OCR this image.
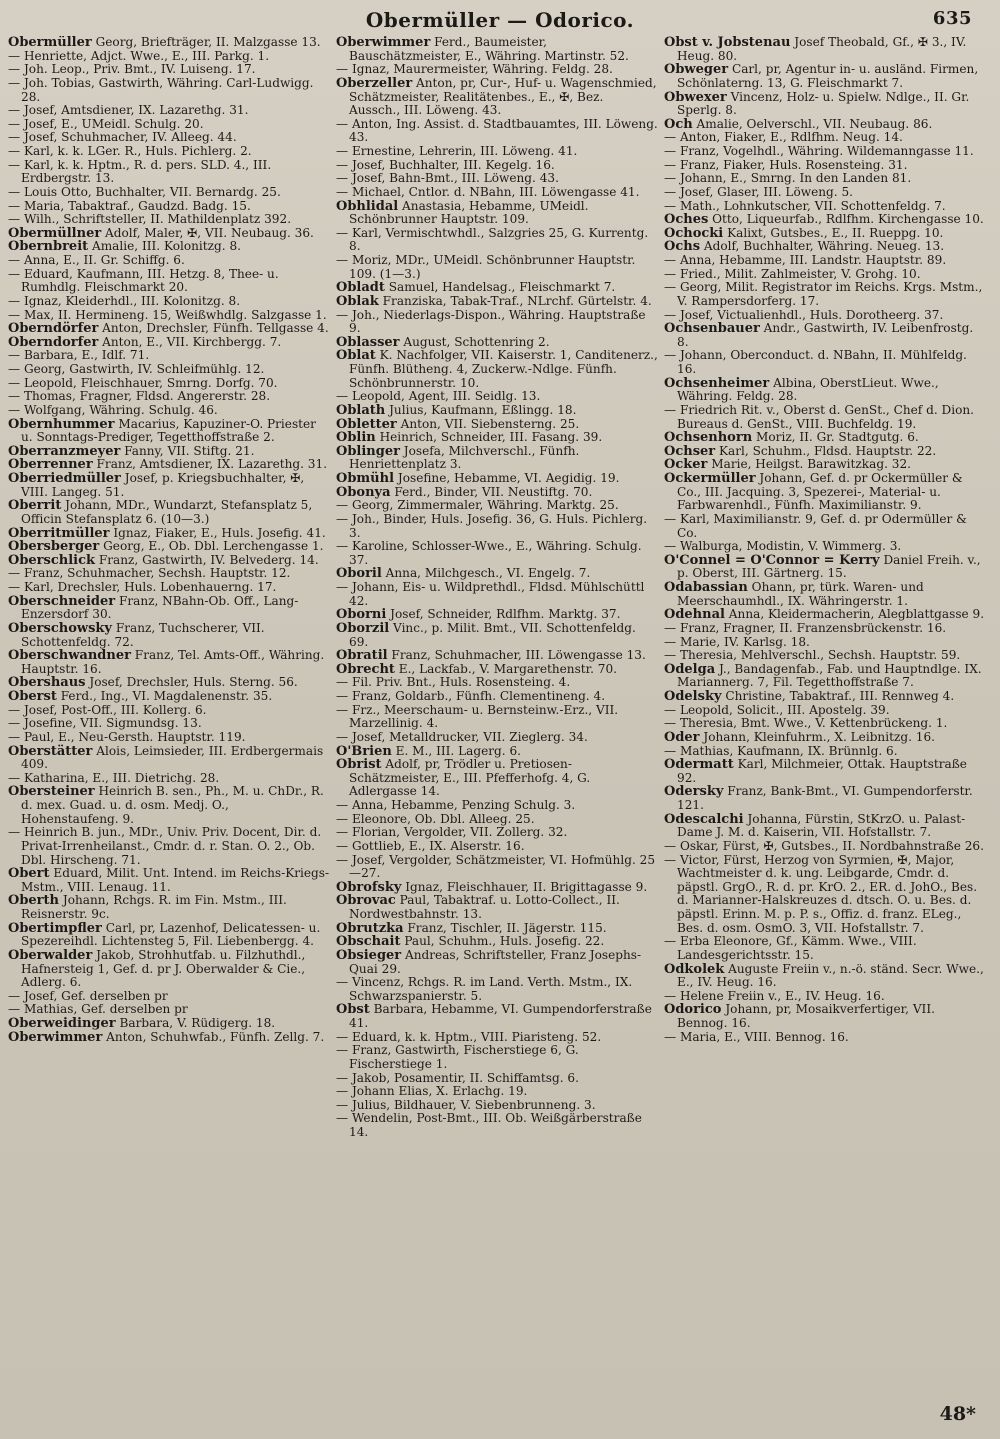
Obermüller — Odorico.	635

Obermüller Georg, Briefträger, II. Malzgasse 13.

— Henriette, Adjct. Wwe., E., III. Parkg. 1.

— Joh. Leop., Priv. Bmt., IV. Luiseng. 17.

— Joh. Tobias, Gastwirth, Währing. Carl-Ludwigg. 28.

— Josef, Amtsdiener, IX. Lazarethg. 31.

— Josef, E., UMeidl. Schulg. 20.

— Josef, Schuhmacher, IV. Alleeg. 44.

— Karl, k. k. LGer. R., Huls. Pichlerg. 2.

— Karl, k. k. Hptm., R. d. pers. SLD. 4., III. Erdbergstr. 13.

— Louis Otto, Buchhalter, VII. Bernardg. 25.

— Maria, Tabaktraf., Gaudzd. Badg. 15.

— Wilh., Schriftsteller, II. Mathildenplatz 392.

Obermüllner Adolf, Maler, ✠, VII. Neubaug. 36.

Obernbreit Amalie, III. Kolonitzg. 8.

— Anna, E., II. Gr. Schiffg. 6.

— Eduard, Kaufmann, III. Hetzg. 8, Thee- u. Rumhdlg. Fleischmarkt 20.

— Ignaz, Kleiderhdl., III. Kolonitzg. 8.

— Max, II. Hermineng. 15, Weißwhdlg. Salzgasse 1.

Oberndörfer Anton, Drechsler, Fünfh. Tellgasse 4.

Oberndorfer Anton, E., VII. Kirchbergg. 7.

— Barbara, E., Idlf. 71.

— Georg, Gastwirth, IV. Schleifmühlg. 12.

— Leopold, Fleischhauer, Smrng. Dorfg. 70.

— Thomas, Fragner, Fldsd. Angererstr. 28.

— Wolfgang, Währing. Schulg. 46.

Obernhummer Macarius, Kapuziner-O. Priester u. Sonntags-Prediger, Tegetthoffstraße 2.

Oberranzmeyer Fanny, VII. Stiftg. 21.

Oberrenner Franz, Amtsdiener, IX. Lazarethg. 31.

Oberriedmüller Josef, p. Kriegsbuchhalter, ✠, VIII. Langeg. 51.

Oberrit Johann, MDr., Wundarzt, Stefansplatz 5, Officin Stefansplatz 6. (10—3.)

Oberritmüller Ignaz, Fiaker, E., Huls. Josefig. 41.

Obersberger Georg, E., Ob. Dbl. Lerchengasse 1.

Oberschlick Franz, Gastwirth, IV. Belvederg. 14.

— Franz, Schuhmacher, Sechsh. Hauptstr. 12.

— Karl, Drechsler, Huls. Lobenhauerng. 17.

Oberschneider Franz, NBahn-Ob. Off., Lang-Enzersdorf 30.

Oberschowsky Franz, Tuchscherer, VII. Schottenfeldg. 72.

Oberschwandner Franz, Tel. Amts-Off., Währing. Hauptstr. 16.

Obershaus Josef, Drechsler, Huls. Sterng. 56.

Oberst Ferd., Ing., VI. Magdalenenstr. 35.

— Josef, Post-Off., III. Kollerg. 6.

— Josefine, VII. Sigmundsg. 13.

— Paul, E., Neu-Gersth. Hauptstr. 119.

Oberstätter Alois, Leimsieder, III. Erdbergermais 409.

— Katharina, E., III. Dietrichg. 28.

Obersteiner Heinrich B. sen., Ph., M. u. ChDr., R. d. mex. Guad. u. d. osm. Medj. O., Hohenstaufeng. 9.

— Heinrich B. jun., MDr., Univ. Priv. Docent, Dir. d. Privat-Irrenheilanst., Cmdr. d. r. Stan. O. 2., Ob. Dbl. Hirscheng. 71.

Obert Eduard, Milit. Unt. Intend. im Reichs-Kriegs-Mstm., VIII. Lenaug. 11.

Oberth Johann, Rchgs. R. im Fin. Mstm., III. Reisnerstr. 9c.

Obertimpfler Carl, pr, Lazenhof, Delicatessen- u. Spezereihdl. Lichtensteg 5, Fil. Liebenbergg. 4.

Oberwalder Jakob, Strohhutfab. u. Filzhuthdl., Hafnersteig 1, Gef. d. pr J. Oberwalder & Cie., Adlerg. 6.

— Josef, Gef. derselben pr

— Mathias, Gef. derselben pr

Oberweidinger Barbara, V. Rüdigerg. 18.

Oberwimmer Anton, Schuhwfab., Fünfh. Zellg. 7.

Oberwimmer Ferd., Baumeister, Bauschätzmeister, E., Währing. Martinstr. 52.

— Ignaz, Maurermeister, Währing. Feldg. 28.

Oberzeller Anton, pr, Cur-, Huf- u. Wagenschmied, Schätzmeister, Realitätenbes., E., ✠, Bez. Aussch., III. Löweng. 43.

— Anton, Ing. Assist. d. Stadtbauamtes, III. Löweng. 43.

— Ernestine, Lehrerin, III. Löweng. 41.

— Josef, Buchhalter, III. Kegelg. 16.

— Josef, Bahn-Bmt., III. Löweng. 43.

— Michael, Cntlor. d. NBahn, III. Löwengasse 41.

Obhlidal Anastasia, Hebamme, UMeidl. Schönbrunner Hauptstr. 109.

— Karl, Vermischtwhdl., Salzgries 25, G. Kurrentg. 8.

— Moriz, MDr., UMeidl. Schönbrunner Hauptstr. 109. (1—3.)

Obladt Samuel, Handelsag., Fleischmarkt 7.

Oblak Franziska, Tabak-Traf., NLrchf. Gürtelstr. 4.

— Joh., Niederlags-Dispon., Währing. Hauptstraße 9.

Oblasser August, Schottenring 2.

Oblat K. Nachfolger, VII. Kaiserstr. 1, Canditenerz., Fünfh. Blütheng. 4, Zuckerw.-Ndlge. Fünfh. Schönbrunnerstr. 10.

— Leopold, Agent, III. Seidlg. 13.

Oblath Julius, Kaufmann, Eßlingg. 18.

Obletter Anton, VII. Siebensterng. 25.

Oblin Heinrich, Schneider, III. Fasang. 39.

Oblinger Josefa, Milchverschl., Fünfh. Henriettenplatz 3.

Obmühl Josefine, Hebamme, VI. Aegidig. 19.

Obonya Ferd., Binder, VII. Neustiftg. 70.

— Georg, Zimmermaler, Währing. Marktg. 25.

— Joh., Binder, Huls. Josefig. 36, G. Huls. Pichlerg. 3.

— Karoline, Schlosser-Wwe., E., Währing. Schulg. 37.

Oboril Anna, Milchgesch., VI. Engelg. 7.

— Johann, Eis- u. Wildprethdl., Fldsd. Mühlschüttl 42.

Oborni Josef, Schneider, Rdlfhm. Marktg. 37.

Oborzil Vinc., p. Milit. Bmt., VII. Schottenfeldg. 69.

Obratil Franz, Schuhmacher, III. Löwengasse 13.

Obrecht E., Lackfab., V. Margarethenstr. 70.

— Fil. Priv. Bnt., Huls. Rosensteing. 4.

— Franz, Goldarb., Fünfh. Clementineng. 4.

— Frz., Meerschaum- u. Bernsteinw.-Erz., VII. Marzellinig. 4.

— Josef, Metalldrucker, VII. Zieglerg. 34.

O'Brien E. M., III. Lagerg. 6.

Obrist Adolf, pr, Trödler u. Pretiosen-Schätzmeister, E., III. Pfefferhofg. 4, G. Adlergasse 14.

— Anna, Hebamme, Penzing Schulg. 3.

— Eleonore, Ob. Dbl. Alleeg. 25.

— Florian, Vergolder, VII. Zollerg. 32.

— Gottlieb, E., IX. Alserstr. 16.

— Josef, Vergolder, Schätzmeister, VI. Hofmühlg. 25—27.

Obrofsky Ignaz, Fleischhauer, II. Brigittagasse 9.

Obrovac Paul, Tabaktraf. u. Lotto-Collect., II. Nordwestbahnstr. 13.

Obrutzka Franz, Tischler, II. Jägerstr. 115.

Obschait Paul, Schuhm., Huls. Josefig. 22.

Obsieger Andreas, Schriftsteller, Franz Josephs-Quai 29.

— Vincenz, Rchgs. R. im Land. Verth. Mstm., IX. Schwarzspanierstr. 5.

Obst Barbara, Hebamme, VI. Gumpendorferstraße 41.

— Eduard, k. k. Hptm., VIII. Piaristeng. 52.

— Franz, Gastwirth, Fischerstiege 6, G. Fischerstiege 1.

— Jakob, Posamentir, II. Schiffamtsg. 6.

— Johann Elias, X. Erlachg. 19.

— Julius, Bildhauer, V. Siebenbrunneng. 3.

— Wendelin, Post-Bmt., III. Ob. Weißgärberstraße 14.

Obst v. Jobstenau Josef Theobald, Gf., ✠ 3., IV. Heug. 80.

Obweger Carl, pr, Agentur in- u. ausländ. Firmen, Schönlaterng. 13, G. Fleischmarkt 7.

Obwexer Vincenz, Holz- u. Spielw. Ndlge., II. Gr. Sperlg. 8.

Och Amalie, Oelverschl., VII. Neubaug. 86.

— Anton, Fiaker, E., Rdlfhm. Neug. 14.

— Franz, Vogelhdl., Währing. Wildemanngasse 11.

— Franz, Fiaker, Huls. Rosensteing. 31.

— Johann, E., Smrng. In den Landen 81.

— Josef, Glaser, III. Löweng. 5.

— Math., Lohnkutscher, VII. Schottenfeldg. 7.

Oches Otto, Liqueurfab., Rdlfhm. Kirchengasse 10.

Ochocki Kalixt, Gutsbes., E., II. Rueppg. 10.

Ochs Adolf, Buchhalter, Währing. Neueg. 13.

— Anna, Hebamme, III. Landstr. Hauptstr. 89.

— Fried., Milit. Zahlmeister, V. Grohg. 10.

— Georg, Milit. Registrator im Reichs. Krgs. Mstm., V. Rampersdorferg. 17.

— Josef, Victualienhdl., Huls. Dorotheerg. 37.

Ochsenbauer Andr., Gastwirth, IV. Leibenfrostg. 8.

— Johann, Oberconduct. d. NBahn, II. Mühlfeldg. 16.

Ochsenheimer Albina, OberstLieut. Wwe., Währing. Feldg. 28.

— Friedrich Rit. v., Oberst d. GenSt., Chef d. Dion. Bureaus d. GenSt., VIII. Buchfeldg. 19.

Ochsenhorn Moriz, II. Gr. Stadtgutg. 6.

Ochser Karl, Schuhm., Fldsd. Hauptstr. 22.

Ocker Marie, Heilgst. Barawitzkag. 32.

Ockermüller Johann, Gef. d. pr Ockermüller & Co., III. Jacquing. 3, Spezerei-, Material- u. Farbwarenhdl., Fünfh. Maximilianstr. 9.

— Karl, Maximilianstr. 9, Gef. d. pr Odermüller & Co.

— Walburga, Modistin, V. Wimmerg. 3.

O'Connel = O'Connor = Kerry Daniel Freih. v., p. Oberst, III. Gärtnerg. 15.

Odabassian Ohann, pr, türk. Waren- und Meerschaumhdl., IX. Währingerstr. 1.

Odehnal Anna, Kleidermacherin, Alegblattgasse 9.

— Franz, Fragner, II. Franzensbrückenstr. 16.

— Marie, IV. Karlsg. 18.

— Theresia, Mehlverschl., Sechsh. Hauptstr. 59.

Odelga J., Bandagenfab., Fab. und Hauptndlge. IX. Mariannerg. 7, Fil. Tegetthoffstraße 7.

Odelsky Christine, Tabaktraf., III. Rennweg 4.

— Leopold, Solicit., III. Apostelg. 39.

— Theresia, Bmt. Wwe., V. Kettenbrückeng. 1.

Oder Johann, Kleinfuhrm., X. Leibnitzg. 16.

— Mathias, Kaufmann, IX. Brünnlg. 6.

Odermatt Karl, Milchmeier, Ottak. Hauptstraße 92.

Odersky Franz, Bank-Bmt., VI. Gumpendorferstr. 121.

Odescalchi Johanna, Fürstin, StKrzO. u. Palast-Dame J. M. d. Kaiserin, VII. Hofstallstr. 7.

— Oskar, Fürst, ✠, Gutsbes., II. Nordbahnstraße 26.

— Victor, Fürst, Herzog von Syrmien, ✠, Major, Wachtmeister d. k. ung. Leibgarde, Cmdr. d. päpstl. GrgO., R. d. pr. KrO. 2., ER. d. JohO., Bes. d. Marianner-Halskreuzes d. dtsch. O. u. Bes. d. päpstl. Erinn. M. p. P. s., Offiz. d. franz. ELeg., Bes. d. osm. OsmO. 3, VII. Hofstallstr. 7.

— Erba Eleonore, Gf., Kämm. Wwe., VIII. Landesgerichtsstr. 15.

Odkolek Auguste Freiin v., n.-ö. ständ. Secr. Wwe., E., IV. Heug. 16.

— Helene Freiin v., E., IV. Heug. 16.

Odorico Johann, pr, Mosaikverfertiger, VII. Bennog. 16.

— Maria, E., VIII. Bennog. 16.

48*
